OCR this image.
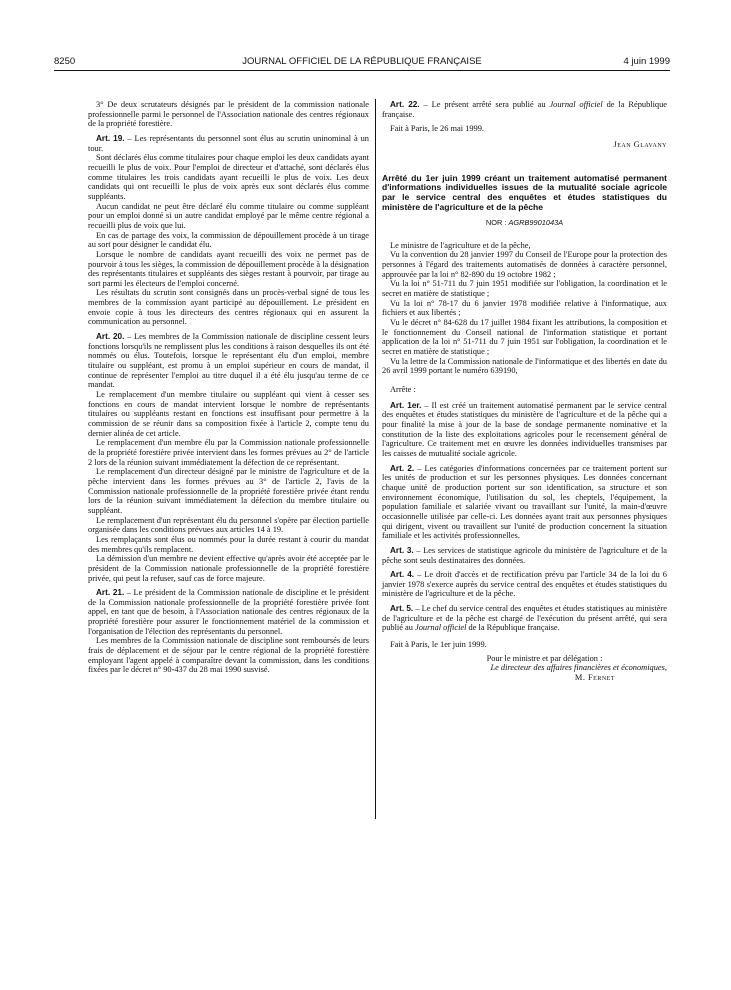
8250	JOURNAL OFFICIEL DE LA RÉPUBLIQUE FRANÇAISE	4 juin 1999

3° De deux scrutateurs désignés par le président de la commission nationale professionnelle parmi le personnel de l'Association nationale des centres régionaux de la propriété forestière.

Art. 19. – Les représentants du personnel sont élus au scrutin uninominal à un tour.

Sont déclarés élus comme titulaires pour chaque emploi les deux candidats ayant recueilli le plus de voix. Pour l'emploi de directeur et d'attaché, sont déclarés élus comme titulaires les trois candidats ayant recueilli le plus de voix. Les deux candidats qui ont recueilli le plus de voix après eux sont déclarés élus comme suppléants.

Aucun candidat ne peut être déclaré élu comme titulaire ou comme suppléant pour un emploi donné si un autre candidat employé par le même centre régional a recueilli plus de voix que lui.

En cas de partage des voix, la commission de dépouillement procède à un tirage au sort pour désigner le candidat élu.

Lorsque le nombre de candidats ayant recueilli des voix ne permet pas de pourvoir à tous les sièges, la commission de dépouillement procède à la désignation des représentants titulaires et suppléants des sièges restant à pourvoir, par tirage au sort parmi les électeurs de l'emploi concerné.

Les résultats du scrutin sont consignés dans un procès-verbal signé de tous les membres de la commission ayant participé au dépouillement. Le président en envoie copie à tous les directeurs des centres régionaux qui en assurent la communication au personnel.

Art. 20. – Les membres de la Commission nationale de discipline cessent leurs fonctions lorsqu'ils ne remplissent plus les conditions à raison desquelles ils ont été nommés ou élus. Toutefois, lorsque le représentant élu d'un emploi, membre titulaire ou suppléant, est promu à un emploi supérieur en cours de mandat, il continue de représenter l'emploi au titre duquel il a été élu jusqu'au terme de ce mandat.

Le remplacement d'un membre titulaire ou suppléant qui vient à cesser ses fonctions en cours de mandat intervient lorsque le nombre de représentants titulaires ou suppléants restant en fonctions est insuffisant pour permettre à la commission de se réunir dans sa composition fixée à l'article 2, compte tenu du dernier alinéa de cet article.

Le remplacement d'un membre élu par la Commission nationale professionnelle de la propriété forestière privée intervient dans les formes prévues au 2° de l'article 2 lors de la réunion suivant immédiatement la défection de ce représentant.

Le remplacement d'un directeur désigné par le ministre de l'agriculture et de la pêche intervient dans les formes prévues au 3° de l'article 2, l'avis de la Commission nationale professionnelle de la propriété forestière privée étant rendu lors de la réunion suivant immédiatement la défection du membre titulaire ou suppléant.

Le remplacement d'un représentant élu du personnel s'opère par élection partielle organisée dans les conditions prévues aux articles 14 à 19.

Les remplaçants sont élus ou nommés pour la durée restant à courir du mandat des membres qu'ils remplacent.

La démission d'un membre ne devient effective qu'après avoir été acceptée par le président de la Commission nationale professionnelle de la propriété forestière privée, qui peut la refuser, sauf cas de force majeure.

Art. 21. – Le président de la Commission nationale de discipline et le président de la Commission nationale professionnelle de la propriété forestière privée font appel, en tant que de besoin, à l'Association nationale des centres régionaux de la propriété forestière pour assurer le fonctionnement matériel de la commission et l'organisation de l'élection des représentants du personnel.

Les membres de la Commission nationale de discipline sont remboursés de leurs frais de déplacement et de séjour par le centre régional de la propriété forestière employant l'agent appelé à comparaître devant la commission, dans les conditions fixées par le décret n° 90-437 du 28 mai 1990 susvisé.

Art. 22. – Le présent arrêté sera publié au Journal officiel de la République française.

Fait à Paris, le 26 mai 1999.

Jean Glavany
Arrêté du 1er juin 1999 créant un traitement automatisé permanent d'informations individuelles issues de la mutualité sociale agricole par le service central des enquêtes et études statistiques du ministère de l'agriculture et de la pêche
NOR : AGRB9901043A

Le ministre de l'agriculture et de la pêche,

Vu la convention du 28 janvier 1997 du Conseil de l'Europe pour la protection des personnes à l'égard des traitements automatisés de données à caractère personnel, approuvée par la loi n° 82-890 du 19 octobre 1982 ;

Vu la loi n° 51-711 du 7 juin 1951 modifiée sur l'obligation, la coordination et le secret en matière de statistique ;

Vu la loi n° 78-17 du 6 janvier 1978 modifiée relative à l'informatique, aux fichiers et aux libertés ;

Vu le décret n° 84-628 du 17 juillet 1984 fixant les attributions, la composition et le fonctionnement du Conseil national de l'information statistique et portant application de la loi n° 51-711 du 7 juin 1951 sur l'obligation, la coordination et le secret en matière de statistique ;

Vu la lettre de la Commission nationale de l'informatique et des libertés en date du 26 avril 1999 portant le numéro 639190,

Arrête :

Art. 1er. – Il est créé un traitement automatisé permanent par le service central des enquêtes et études statistiques du ministère de l'agriculture et de la pêche qui a pour finalité la mise à jour de la base de sondage permanente nominative et la constitution de la liste des exploitations agricoles pour le recensement général de l'agriculture. Ce traitement met en œuvre les données individuelles transmises par les caisses de mutualité sociale agricole.

Art. 2. – Les catégories d'informations concernées par ce traitement portent sur les unités de production et sur les personnes physiques. Les données concernant chaque unité de production portent sur son identification, sa structure et son environnement économique, l'utilisation du sol, les cheptels, l'équipement, la population familiale et salariée vivant ou travaillant sur l'unité, la main-d'œuvre occasionnelle utilisée par celle-ci. Les données ayant trait aux personnes physiques qui dirigent, vivent ou travaillent sur l'unité de production concernent la situation familiale et les activités professionnelles.

Art. 3. – Les services de statistique agricole du ministère de l'agriculture et de la pêche sont seuls destinataires des données.

Art. 4. – Le droit d'accès et de rectification prévu par l'article 34 de la loi du 6 janvier 1978 s'exerce auprès du service central des enquêtes et études statistiques du ministère de l'agriculture et de la pêche.

Art. 5. – Le chef du service central des enquêtes et études statistiques au ministère de l'agriculture et de la pêche est chargé de l'exécution du présent arrêté, qui sera publié au Journal officiel de la République française.

Fait à Paris, le 1er juin 1999.

Pour le ministre et par délégation :
Le directeur des affaires financières et économiques,
M. Fernet
